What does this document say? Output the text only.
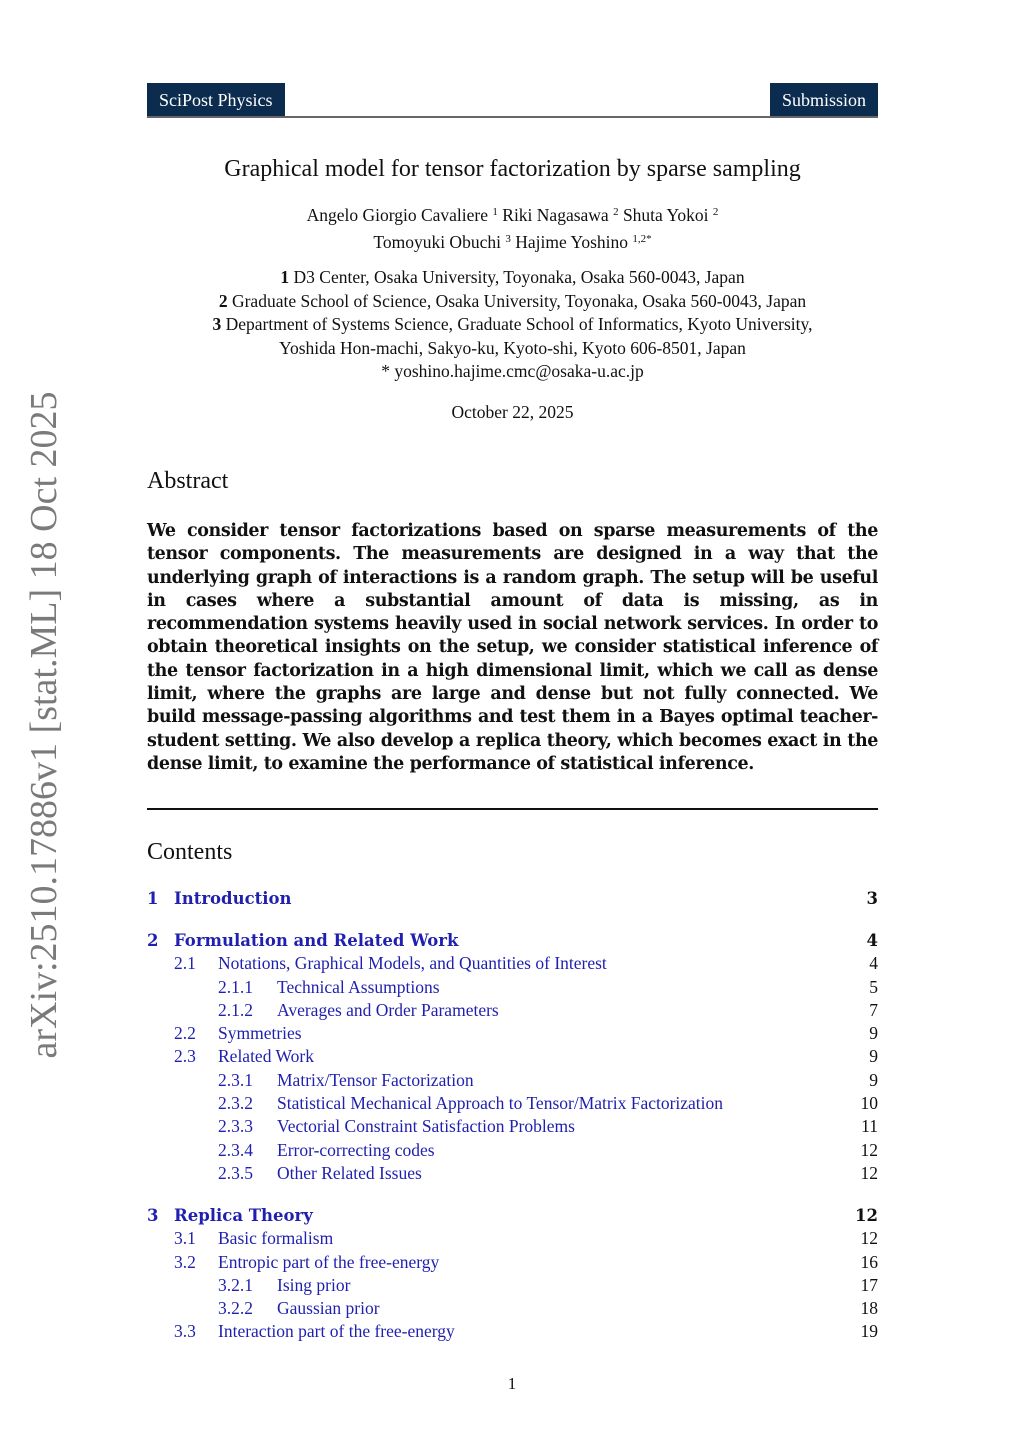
arXiv:2510.17886v1 [stat.ML] 18 Oct 2025
SciPost Physics	Submission
Graphical model for tensor factorization by sparse sampling
Angelo Giorgio Cavaliere $^1$ Riki Nagasawa $^2$ Shuta Yokoi $^2$
Tomoyuki Obuchi $^3$ Hajime Yoshino $^{1,2*}$
1 D3 Center, Osaka University, Toyonaka, Osaka 560-0043, Japan
2 Graduate School of Science, Osaka University, Toyonaka, Osaka 560-0043, Japan
3 Department of Systems Science, Graduate School of Informatics, Kyoto University,
Yoshida Hon-machi, Sakyo-ku, Kyoto-shi, Kyoto 606-8501, Japan
* yoshino.hajime.cmc@osaka-u.ac.jp
October 22, 2025
Abstract
We consider tensor factorizations based on sparse measurements of the tensor components. The measurements are designed in a way that the underlying graph of interactions is a random graph. The setup will be useful in cases where a substantial amount of data is missing, as in recommendation systems heavily used in social network services. In order to obtain theoretical insights on the setup, we consider statistical inference of the tensor factorization in a high dimensional limit, which we call as dense limit, where the graphs are large and dense but not fully connected. We build message-passing algorithms and test them in a Bayes optimal teacher-student setting. We also develop a replica theory, which becomes exact in the dense limit, to examine the performance of statistical inference.
Contents
1 Introduction	3
2 Formulation and Related Work	4
2.1 Notations, Graphical Models, and Quantities of Interest	4
2.1.1 Technical Assumptions	5
2.1.2 Averages and Order Parameters	7
2.2 Symmetries	9
2.3 Related Work	9
2.3.1 Matrix/Tensor Factorization	9
2.3.2 Statistical Mechanical Approach to Tensor/Matrix Factorization	10
2.3.3 Vectorial Constraint Satisfaction Problems	11
2.3.4 Error-correcting codes	12
2.3.5 Other Related Issues	12
3 Replica Theory	12
3.1 Basic formalism	12
3.2 Entropic part of the free-energy	16
3.2.1 Ising prior	17
3.2.2 Gaussian prior	18
3.3 Interaction part of the free-energy	19
1
